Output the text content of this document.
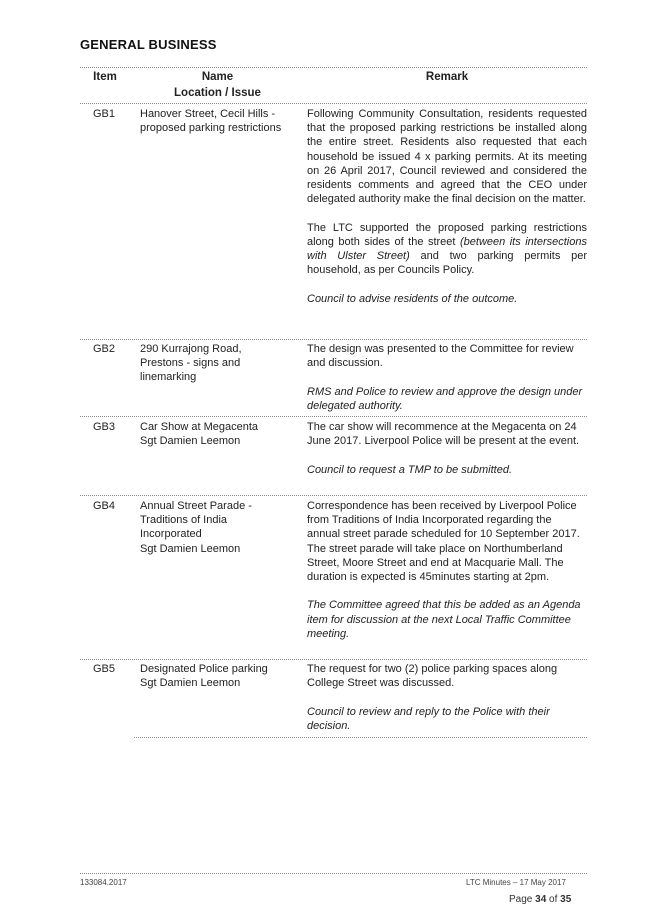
GENERAL BUSINESS
Item	Name
Location / Issue
Remark
GB1 Hanover Street, Cecil Hills -
proposed parking restrictions

Following Community Consultation, residents requested that the proposed parking restrictions be installed along the entire street. Residents also requested that each household be issued 4 x parking permits. At its meeting on 26 April 2017, Council reviewed and considered the residents comments and agreed that the CEO under delegated authority make the final decision on the matter.

The LTC supported the proposed parking restrictions along both sides of the street (between its intersections with Ulster Street) and two parking permits per household, as per Councils Policy.

Council to advise residents of the outcome.

GB2 290 Kurrajong Road,
Prestons - signs and
linemarking

The design was presented to the Committee for review and discussion.

RMS and Police to review and approve the design under delegated authority.

GB3 Car Show at Megacenta
Sgt Damien Leemon

The car show will recommence at the Megacenta on 24 June 2017. Liverpool Police will be present at the event.

Council to request a TMP to be submitted.

GB4 Annual Street Parade -
Traditions of India
Incorporated
Sgt Damien Leemon

Correspondence has been received by Liverpool Police from Traditions of India Incorporated regarding the annual street parade scheduled for 10 September 2017. The street parade will take place on Northumberland Street, Moore Street and end at Macquarie Mall. The duration is expected is 45minutes starting at 2pm.

The Committee agreed that this be added as an Agenda item for discussion at the next Local Traffic Committee meeting.

GB5 Designated Police parking
Sgt Damien Leemon

The request for two (2) police parking spaces along College Street was discussed.

Council to review and reply to the Police with their decision.

133084.2017	LTC Minutes – 17 May 2017
Page 34 of 35
